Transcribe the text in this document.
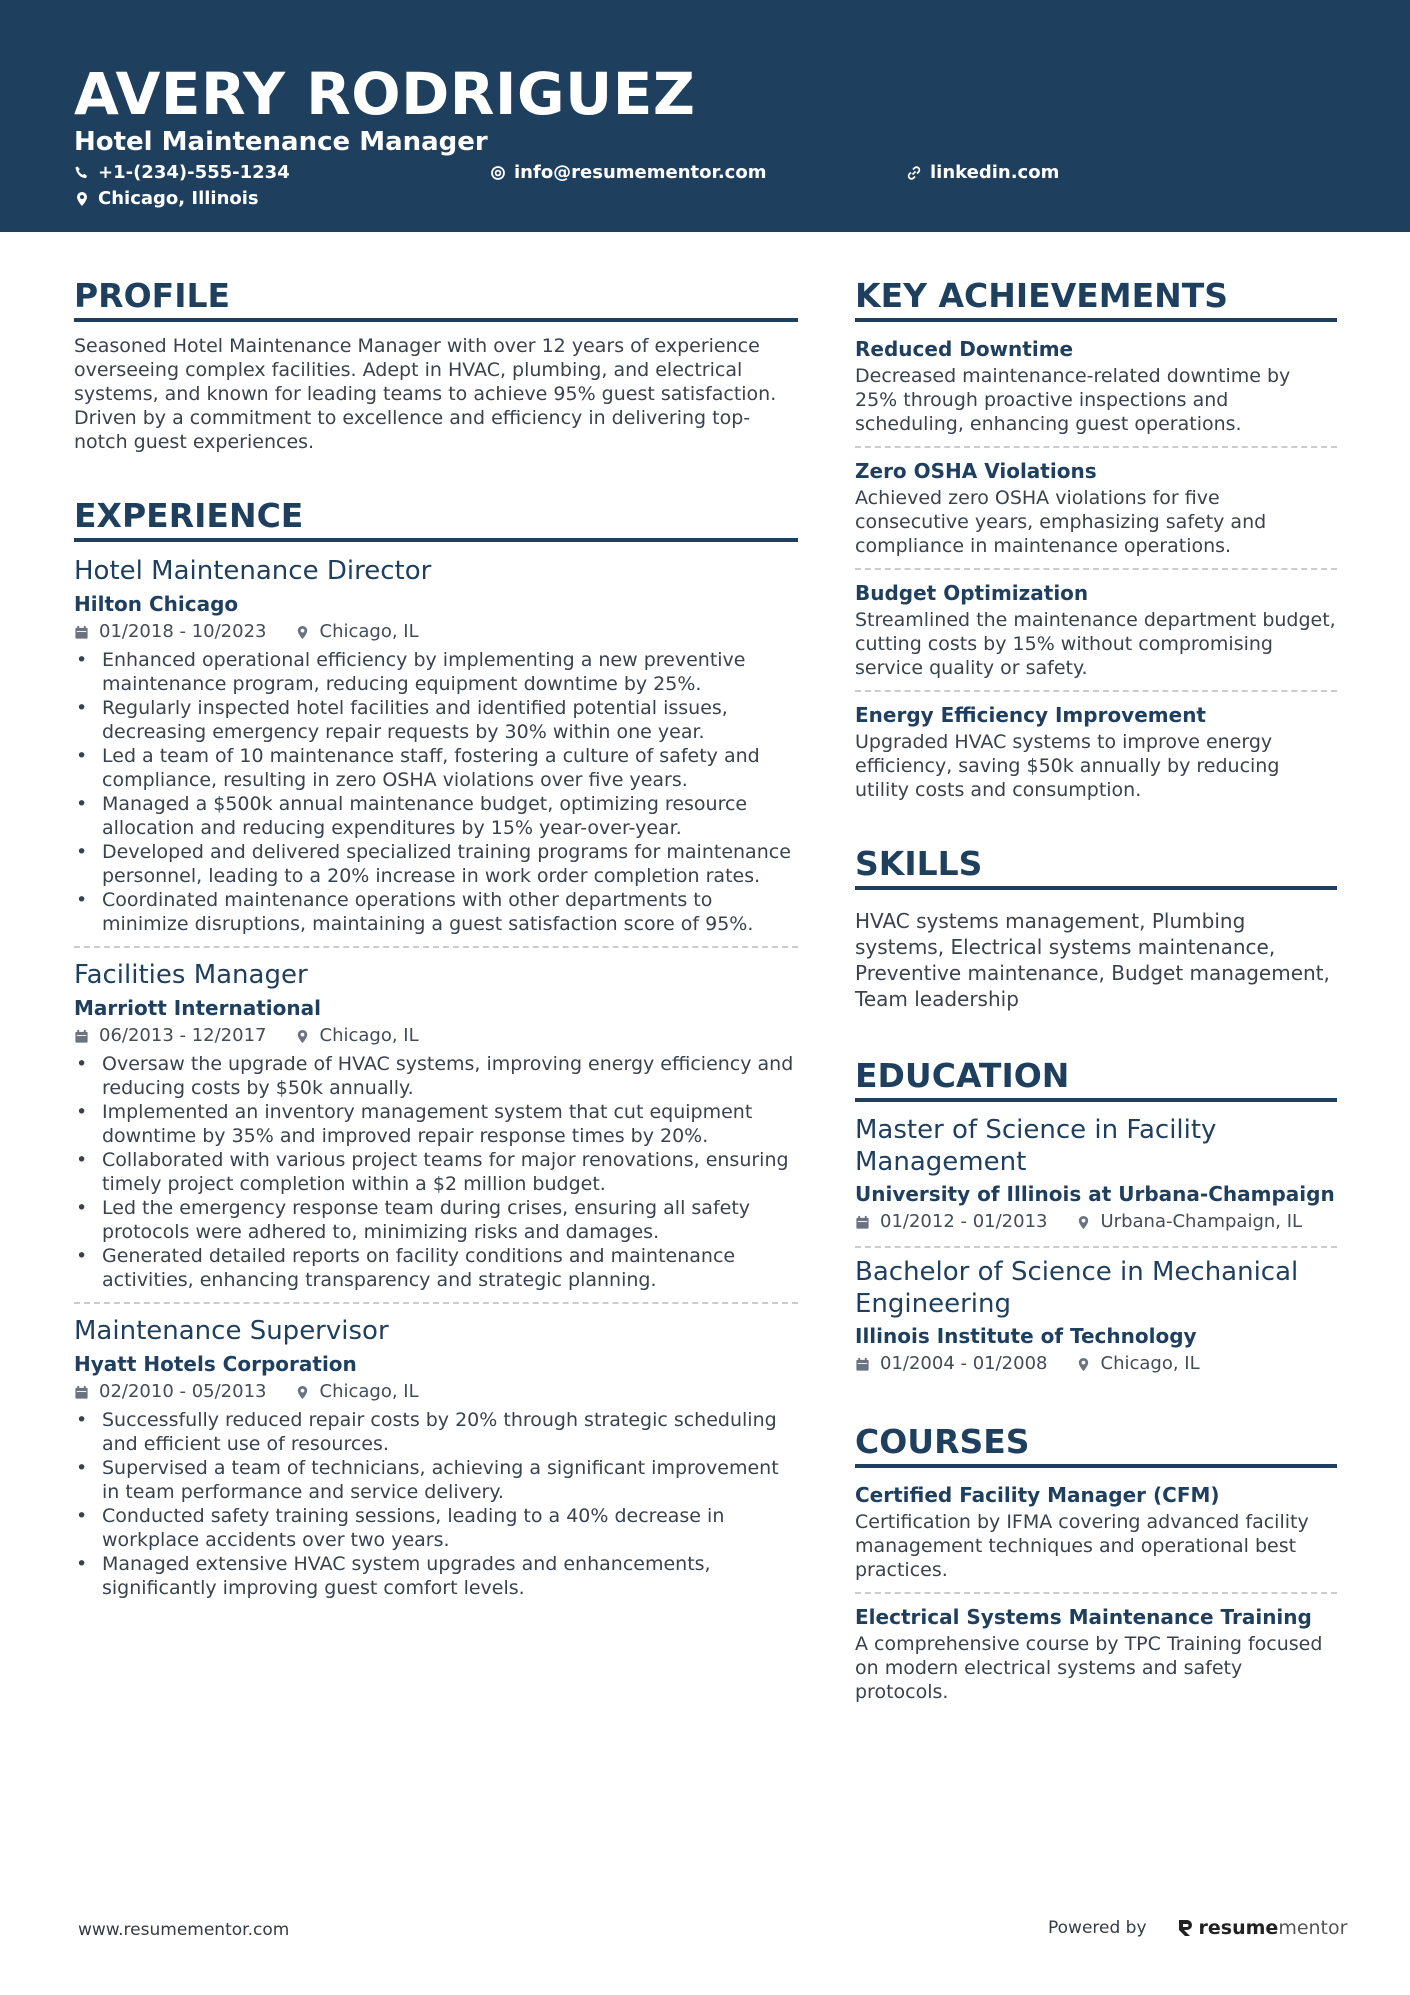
AVERY RODRIGUEZ
Hotel Maintenance Manager
+1-(234)-555-1234	info@resumementor.com	linkedin.com
Chicago, Illinois
PROFILE

Seasoned Hotel Maintenance Manager with over 12 years of experience overseeing complex facilities. Adept in HVAC, plumbing, and electrical systems, and known for leading teams to achieve 95% guest satisfaction. Driven by a commitment to excellence and efficiency in delivering top-notch guest experiences.

EXPERIENCE
Hotel Maintenance Director
Hilton Chicago
01/2018 - 10/2023	Chicago, IL
• Enhanced operational efficiency by implementing a new preventive maintenance program, reducing equipment downtime by 25%.
• Regularly inspected hotel facilities and identified potential issues, decreasing emergency repair requests by 30% within one year.
• Led a team of 10 maintenance staff, fostering a culture of safety and compliance, resulting in zero OSHA violations over five years.
• Managed a $500k annual maintenance budget, optimizing resource allocation and reducing expenditures by 15% year-over-year.
• Developed and delivered specialized training programs for maintenance personnel, leading to a 20% increase in work order completion rates.
• Coordinated maintenance operations with other departments to minimize disruptions, maintaining a guest satisfaction score of 95%.
Facilities Manager
Marriott International
06/2013 - 12/2017	Chicago, IL
• Oversaw the upgrade of HVAC systems, improving energy efficiency and reducing costs by $50k annually.
• Implemented an inventory management system that cut equipment downtime by 35% and improved repair response times by 20%.
• Collaborated with various project teams for major renovations, ensuring timely project completion within a $2 million budget.
• Led the emergency response team during crises, ensuring all safety protocols were adhered to, minimizing risks and damages.
• Generated detailed reports on facility conditions and maintenance activities, enhancing transparency and strategic planning.
Maintenance Supervisor
Hyatt Hotels Corporation
02/2010 - 05/2013	Chicago, IL
• Successfully reduced repair costs by 20% through strategic scheduling and efficient use of resources.
• Supervised a team of technicians, achieving a significant improvement in team performance and service delivery.
• Conducted safety training sessions, leading to a 40% decrease in workplace accidents over two years.
• Managed extensive HVAC system upgrades and enhancements, significantly improving guest comfort levels.
KEY ACHIEVEMENTS
Reduced Downtime

Decreased maintenance-related downtime by 25% through proactive inspections and scheduling, enhancing guest operations.

Zero OSHA Violations

Achieved zero OSHA violations for five consecutive years, emphasizing safety and compliance in maintenance operations.

Budget Optimization

Streamlined the maintenance department budget, cutting costs by 15% without compromising service quality or safety.

Energy Efficiency Improvement

Upgraded HVAC systems to improve energy efficiency, saving $50k annually by reducing utility costs and consumption.

SKILLS

HVAC systems management, Plumbing systems, Electrical systems maintenance, Preventive maintenance, Budget management, Team leadership

EDUCATION
Master of Science in Facility Management
University of Illinois at Urbana-Champaign
01/2012 - 01/2013	Urbana-Champaign, IL
Bachelor of Science in Mechanical Engineering
Illinois Institute of Technology
01/2004 - 01/2008	Chicago, IL
COURSES
Certified Facility Manager (CFM)

Certification by IFMA covering advanced facility management techniques and operational best practices.

Electrical Systems Maintenance Training

A comprehensive course by TPC Training focused on modern electrical systems and safety protocols.

www.resumementor.com	Powered by	resume mentor
